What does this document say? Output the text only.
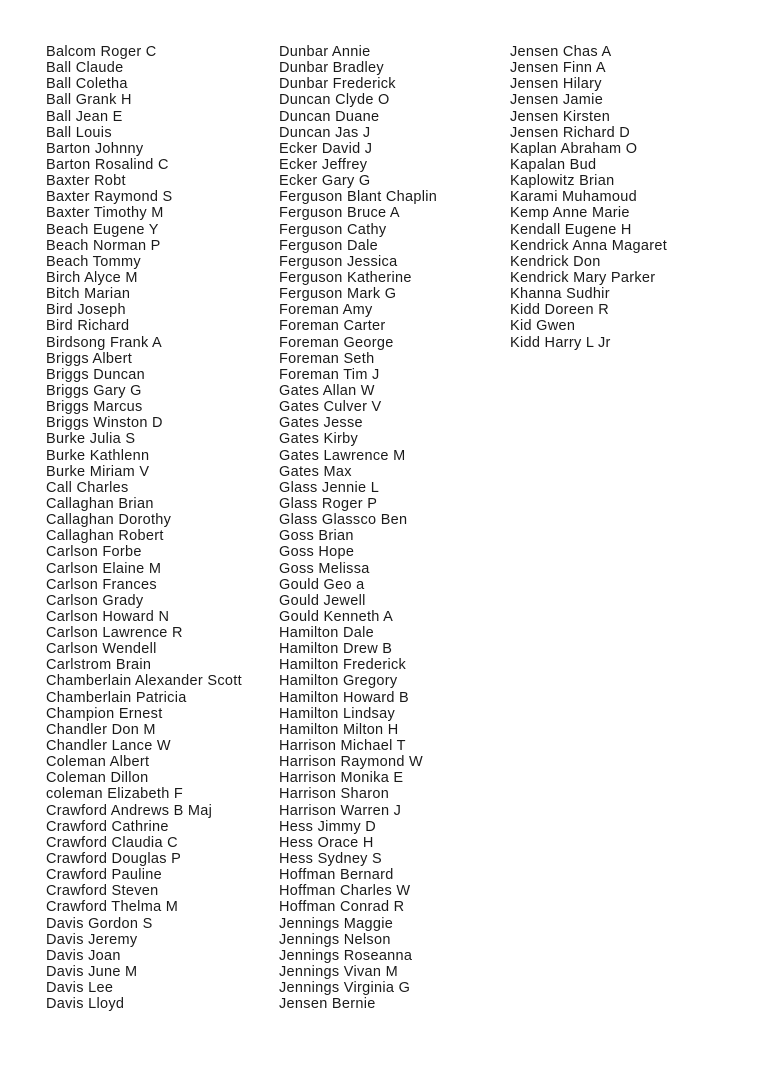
Balcom Roger C
Ball Claude
Ball Coletha
Ball Grank H
Ball Jean E
Ball Louis
Barton Johnny
Barton Rosalind C
Baxter Robt
Baxter Raymond S
Baxter Timothy M
Beach Eugene Y
Beach Norman P
Beach Tommy
Birch Alyce M
Bitch Marian
Bird Joseph
Bird Richard
Birdsong Frank A
Briggs Albert
Briggs Duncan
Briggs Gary G
Briggs Marcus
Briggs Winston D
Burke Julia S
Burke Kathlenn
Burke Miriam V
Call Charles
Callaghan Brian
Callaghan Dorothy
Callaghan Robert
Carlson Forbe
Carlson Elaine M
Carlson Frances
Carlson Grady
Carlson Howard N
Carlson Lawrence R
Carlson Wendell
Carlstrom Brain
Chamberlain Alexander Scott
Chamberlain Patricia
Champion Ernest
Chandler Don M
Chandler Lance W
Coleman Albert
Coleman Dillon
coleman Elizabeth F
Crawford Andrews B Maj
Crawford Cathrine
Crawford Claudia C
Crawford Douglas P
Crawford Pauline
Crawford Steven
Crawford Thelma M
Davis Gordon S
Davis Jeremy
Davis Joan
Davis June M
Davis Lee
Davis Lloyd
Dunbar Annie
Dunbar Bradley
Dunbar Frederick
Duncan Clyde O
Duncan Duane
Duncan Jas J
Ecker David J
Ecker Jeffrey
Ecker Gary G
Ferguson Blant Chaplin
Ferguson Bruce A
Ferguson Cathy
Ferguson Dale
Ferguson Jessica
Ferguson Katherine
Ferguson Mark G
Foreman Amy
Foreman Carter
Foreman George
Foreman Seth
Foreman Tim J
Gates Allan W
Gates Culver V
Gates Jesse
Gates Kirby
Gates Lawrence M
Gates Max
Glass Jennie L
Glass Roger P
Glass Glassco Ben
Goss Brian
Goss Hope
Goss Melissa
Gould Geo a
Gould Jewell
Gould Kenneth A
Hamilton Dale
Hamilton Drew B
Hamilton Frederick
Hamilton Gregory
Hamilton Howard B
Hamilton Lindsay
Hamilton Milton H
Harrison Michael T
Harrison Raymond W
Harrison Monika E
Harrison Sharon
Harrison Warren J
Hess Jimmy D
Hess Orace H
Hess Sydney S
Hoffman Bernard
Hoffman Charles W
Hoffman Conrad R
Jennings Maggie
Jennings Nelson
Jennings Roseanna
Jennings Vivan M
Jennings Virginia G
Jensen Bernie
Jensen Chas A
Jensen Finn A
Jensen Hilary
Jensen Jamie
Jensen Kirsten
Jensen Richard D
Kaplan Abraham O
Kapalan Bud
Kaplowitz Brian
Karami Muhamoud
Kemp Anne Marie
Kendall Eugene H
Kendrick Anna Magaret
Kendrick Don
Kendrick Mary Parker
Khanna Sudhir
Kidd Doreen R
Kid Gwen
Kidd Harry L Jr
